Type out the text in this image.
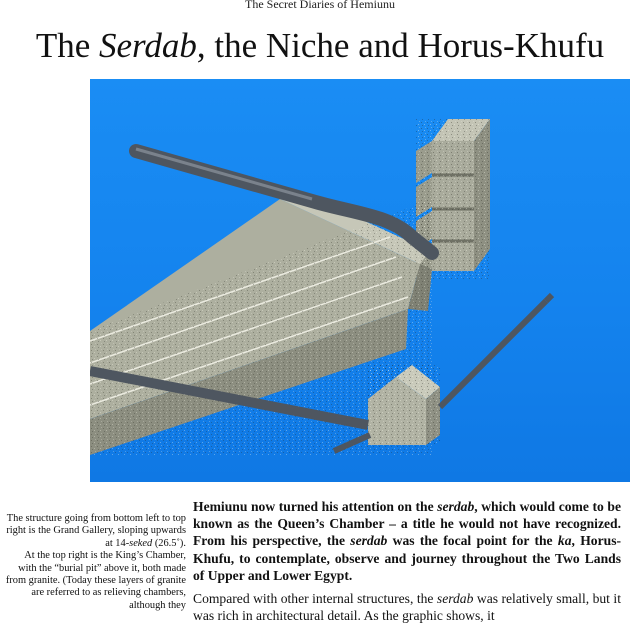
The Secret Diaries of Hemiunu
The Serdab, the Niche and Horus-Khufu

The structure going from bottom left to top right is the Grand Gallery, sloping upwards at 14-seked (26.5˚).

At the top right is the King’s Chamber, with the “burial pit” above it, both made from granite. (Today these layers of granite are referred to as relieving chambers, although they

Hemiunu now turned his attention on the serdab, which would come to be known as the Queen’s Chamber – a title he would not have recognized. From his perspective, the serdab was the focal point for the ka, Horus-Khufu, to contemplate, observe and journey throughout the Two Lands of Upper and Lower Egypt.

Compared with other internal structures, the serdab was relatively small, but it was rich in architectural detail. As the graphic shows, it
